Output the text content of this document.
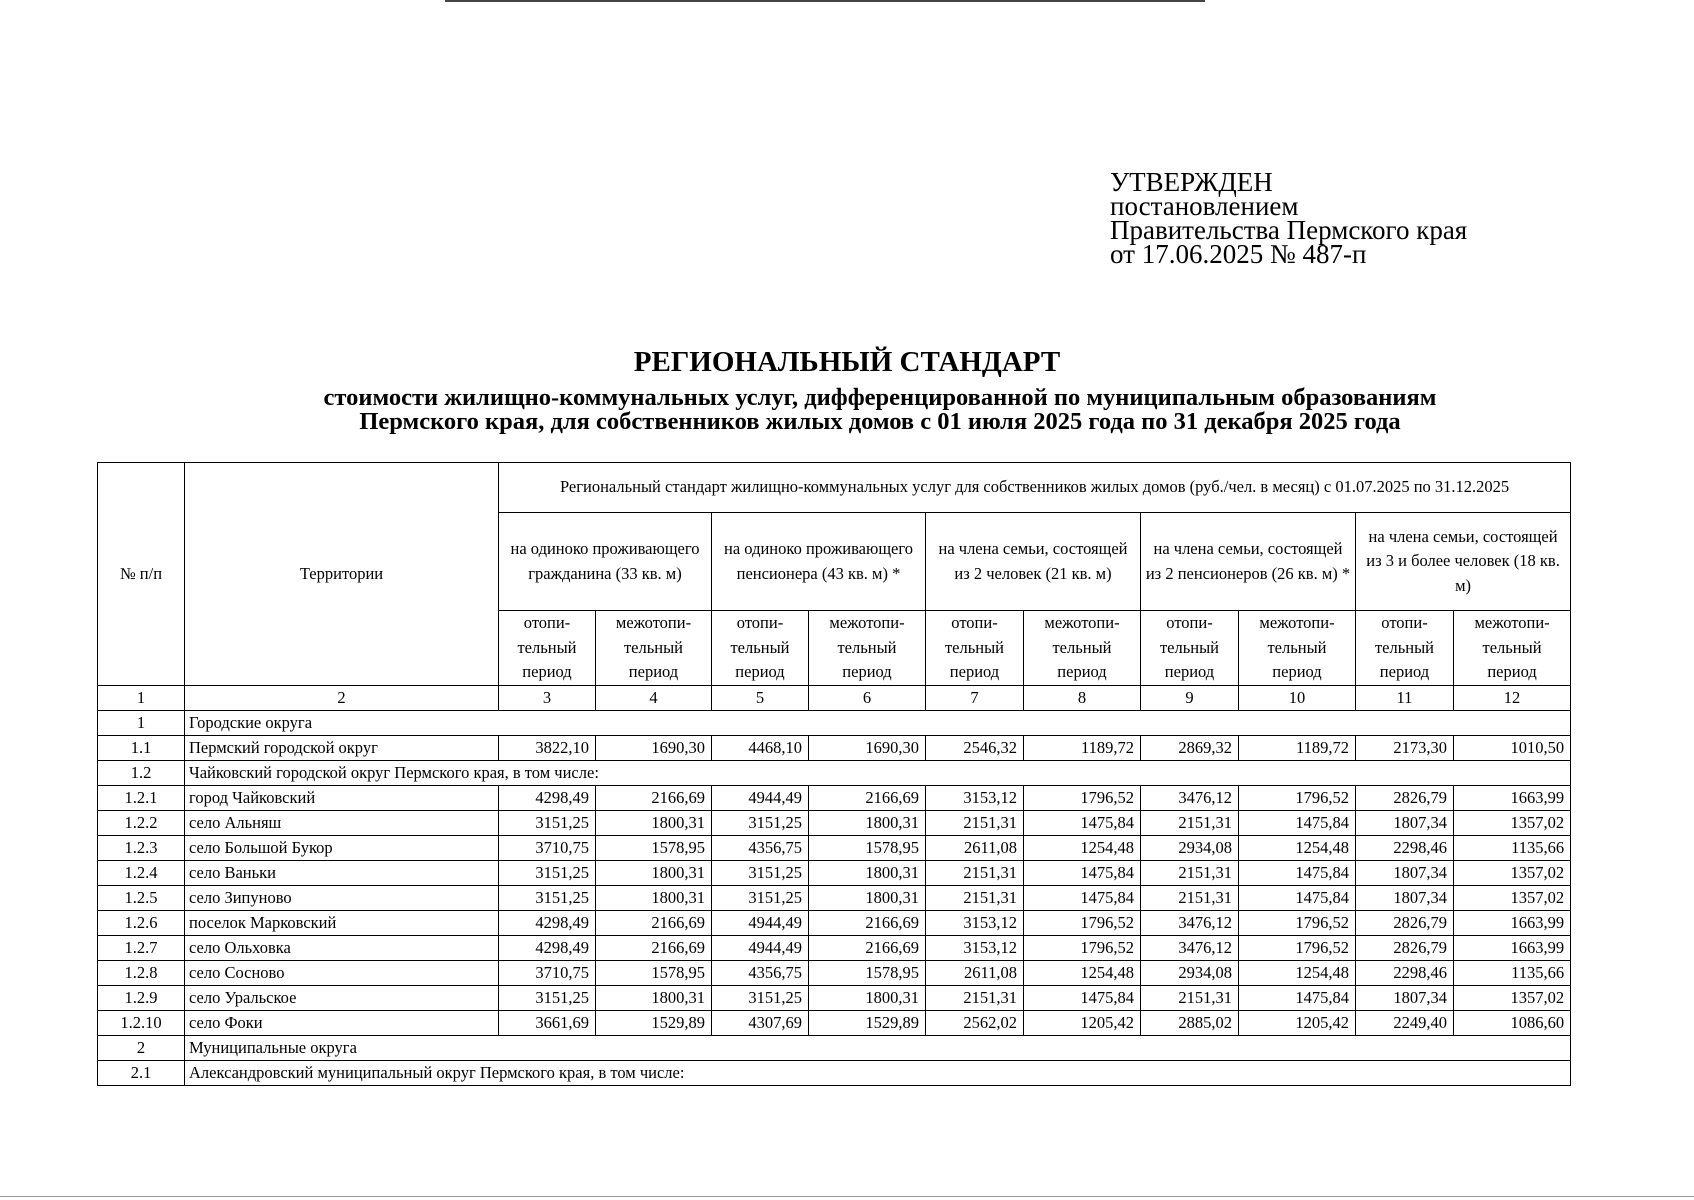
УТВЕРЖДЕН
постановлением
Правительства Пермского края
от 17.06.2025 № 487-п
РЕГИОНАЛЬНЫЙ СТАНДАРТ
стоимости жилищно-коммунальных услуг, дифференцированной по муниципальным образованиям
Пермского края, для собственников жилых домов с 01 июля 2025 года по 31 декабря 2025 года
№ п/п	Территории	Региональный стандарт жилищно-коммунальных услуг для собственников жилых домов (руб./чел. в месяц) с 01.07.2025 по 31.12.2025									
		на одиноко проживающего гражданина (33 кв. м)		на одиноко проживающего пенсионера (43 кв. м) *		на члена семьи, состоящей из 2 человек (21 кв. м)		на члена семьи, состоящей из 2 пенсионеров (26 кв. м) *		на члена семьи, состоящей из 3 и более человек (18 кв. м)	
		отопи-тельный период	межотопи-тельный период	отопи-тельный период	межотопи-тельный период	отопи-тельный период	межотопи-тельный период	отопи-тельный период	межотопи-тельный период	отопи-тельный период	межотопи-тельный период
1	2	3	4	5	6	7	8	9	10	11	12
1	Городские округа										
1.1	Пермский городской округ	3822,10	1690,30	4468,10	1690,30	2546,32	1189,72	2869,32	1189,72	2173,30	1010,50
1.2	Чайковский городской округ Пермского края, в том числе:										
1.2.1	город Чайковский	4298,49	2166,69	4944,49	2166,69	3153,12	1796,52	3476,12	1796,52	2826,79	1663,99
1.2.2	село Альняш	3151,25	1800,31	3151,25	1800,31	2151,31	1475,84	2151,31	1475,84	1807,34	1357,02
1.2.3	село Большой Букор	3710,75	1578,95	4356,75	1578,95	2611,08	1254,48	2934,08	1254,48	2298,46	1135,66
1.2.4	село Ваньки	3151,25	1800,31	3151,25	1800,31	2151,31	1475,84	2151,31	1475,84	1807,34	1357,02
1.2.5	село Зипуново	3151,25	1800,31	3151,25	1800,31	2151,31	1475,84	2151,31	1475,84	1807,34	1357,02
1.2.6	поселок Марковский	4298,49	2166,69	4944,49	2166,69	3153,12	1796,52	3476,12	1796,52	2826,79	1663,99
1.2.7	село Ольховка	4298,49	2166,69	4944,49	2166,69	3153,12	1796,52	3476,12	1796,52	2826,79	1663,99
1.2.8	село Сосново	3710,75	1578,95	4356,75	1578,95	2611,08	1254,48	2934,08	1254,48	2298,46	1135,66
1.2.9	село Уральское	3151,25	1800,31	3151,25	1800,31	2151,31	1475,84	2151,31	1475,84	1807,34	1357,02
1.2.10	село Фоки	3661,69	1529,89	4307,69	1529,89	2562,02	1205,42	2885,02	1205,42	2249,40	1086,60
2	Муниципальные округа										
2.1	Александровский муниципальный округ Пермского края, в том числе:										
